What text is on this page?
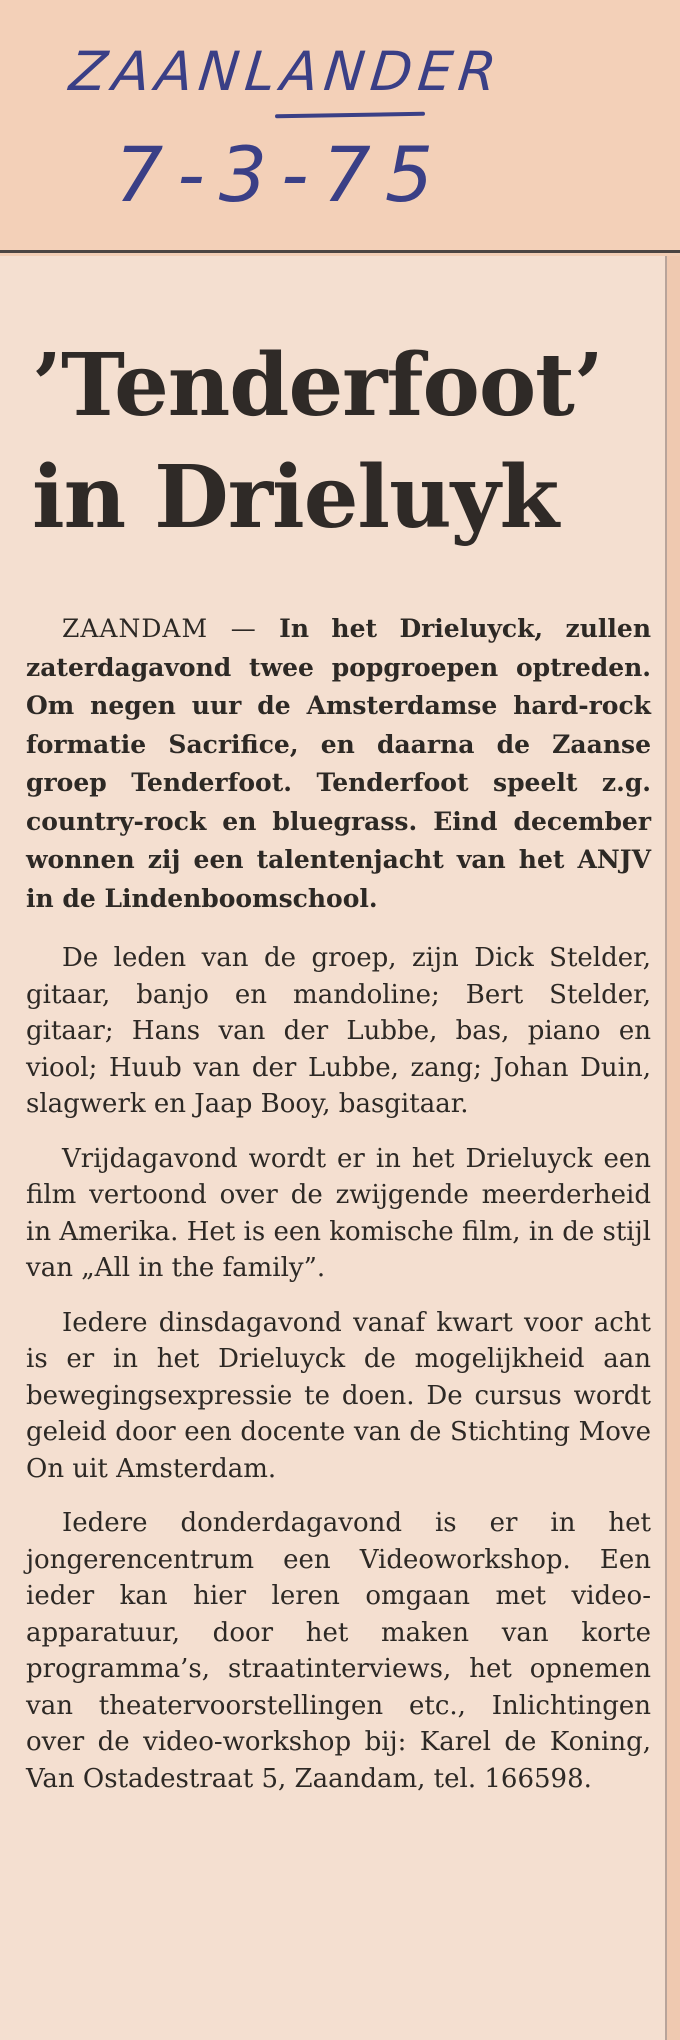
ZAANLANDER
7-3-75
’Tenderfoot’
in Drieluyk

ZAANDAM — In het Drieluyck, zullen zaterdagavond twee popgroepen optreden. Om negen uur de Amsterdamse hard-rock formatie Sacrifice, en daarna de Zaanse groep Tenderfoot. Tenderfoot speelt z.g. country-rock en bluegrass. Eind december wonnen zij een talentenjacht van het ANJV in de Lindenboomschool.

De leden van de groep, zijn Dick Stelder, gitaar, banjo en mandoline; Bert Stelder, gitaar; Hans van der Lubbe, bas, piano en viool; Huub van der Lubbe, zang; Johan Duin, slagwerk en Jaap Booy, basgitaar.

Vrijdagavond wordt er in het Drieluyck een film vertoond over de zwijgende meerderheid in Amerika. Het is een komische film, in de stijl van „All in the family”.

Iedere dinsdagavond vanaf kwart voor acht is er in het Drieluyck de mogelijkheid aan bewegingsexpressie te doen. De cursus wordt geleid door een docente van de Stichting Move On uit Amsterdam.

Iedere donderdagavond is er in het jongerencentrum een Videoworkshop. Een ieder kan hier leren omgaan met video-apparatuur, door het maken van korte programma’s, straatinterviews, het opnemen van theatervoorstellingen etc., Inlichtingen over de video-workshop bij: Karel de Koning, Van Ostadestraat 5, Zaandam, tel. 166598.
